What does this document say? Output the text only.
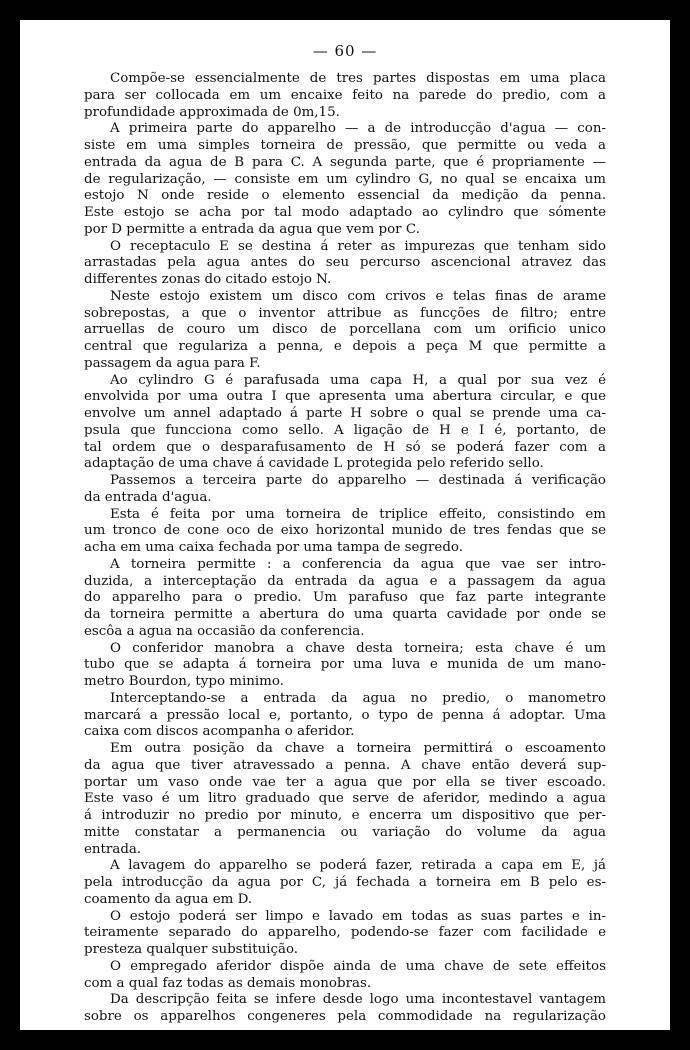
— 60 —
Compõe-se essencialmente de tres partes dispostas em uma placa
para ser collocada em um encaixe feito na parede do predio, com a
profundidade approximada de 0m,15.
A primeira parte do apparelho — a de introducção d'agua — con-
siste em uma simples torneira de pressão, que permitte ou veda a
entrada da agua de B para C. A segunda parte, que é propriamente —
de regularização, — consiste em um cylindro G, no qual se encaixa um
estojo N onde reside o elemento essencial da medição da penna.
Este estojo se acha por tal modo adaptado ao cylindro que sómente
por D permitte a entrada da agua que vem por C.
O receptaculo E se destina á reter as impurezas que tenham sido
arrastadas pela agua antes do seu percurso ascencional atravez das
differentes zonas do citado estojo N.
Neste estojo existem um disco com crivos e telas finas de arame
sobrepostas, a que o inventor attribue as funcções de filtro; entre
arruellas de couro um disco de porcellana com um orificio unico
central que regulariza a penna, e depois a peça M que permitte a
passagem da agua para F.
Ao cylindro G é parafusada uma capa H, a qual por sua vez é
envolvida por uma outra I que apresenta uma abertura circular, e que
envolve um annel adaptado á parte H sobre o qual se prende uma ca-
psula que funcciona como sello. A ligação de H e I é, portanto, de
tal ordem que o desparafusamento de H só se poderá fazer com a
adaptação de uma chave á cavidade L protegida pelo referido sello.
Passemos a terceira parte do apparelho — destinada á verificação
da entrada d'agua.
Esta é feita por uma torneira de triplice effeito, consistindo em
um tronco de cone oco de eixo horizontal munido de tres fendas que se
acha em uma caixa fechada por uma tampa de segredo.
A torneira permitte : a conferencia da agua que vae ser intro-
duzida, a interceptação da entrada da agua e a passagem da agua
do apparelho para o predio. Um parafuso que faz parte integrante
da torneira permitte a abertura do uma quarta cavidade por onde se
escôa a agua na occasião da conferencia.
O conferidor manobra a chave desta torneira; esta chave é um
tubo que se adapta á torneira por uma luva e munida de um mano-
metro Bourdon, typo minimo.
Interceptando-se a entrada da agua no predio, o manometro
marcará a pressão local e, portanto, o typo de penna á adoptar. Uma
caixa com discos acompanha o aferidor.
Em outra posição da chave a torneira permittirá o escoamento
da agua que tiver atravessado a penna. A chave então deverá sup-
portar um vaso onde vae ter a agua que por ella se tiver escoado.
Este vaso é um litro graduado que serve de aferidor, medindo a agua
á introduzir no predio por minuto, e encerra um dispositivo que per-
mitte constatar a permanencia ou variação do volume da agua
entrada.
A lavagem do apparelho se poderá fazer, retirada a capa em E, já
pela introducção da agua por C, já fechada a torneira em B pelo es-
coamento da agua em D.
O estojo poderá ser limpo e lavado em todas as suas partes e in-
teiramente separado do apparelho, podendo-se fazer com facilidade e
presteza qualquer substituição.
O empregado aferidor dispõe ainda de uma chave de sete effeitos
com a qual faz todas as demais monobras.
Da descripção feita se infere desde logo uma incontestavel vantagem
sobre os apparelhos congeneres pela commodidade na regularização
